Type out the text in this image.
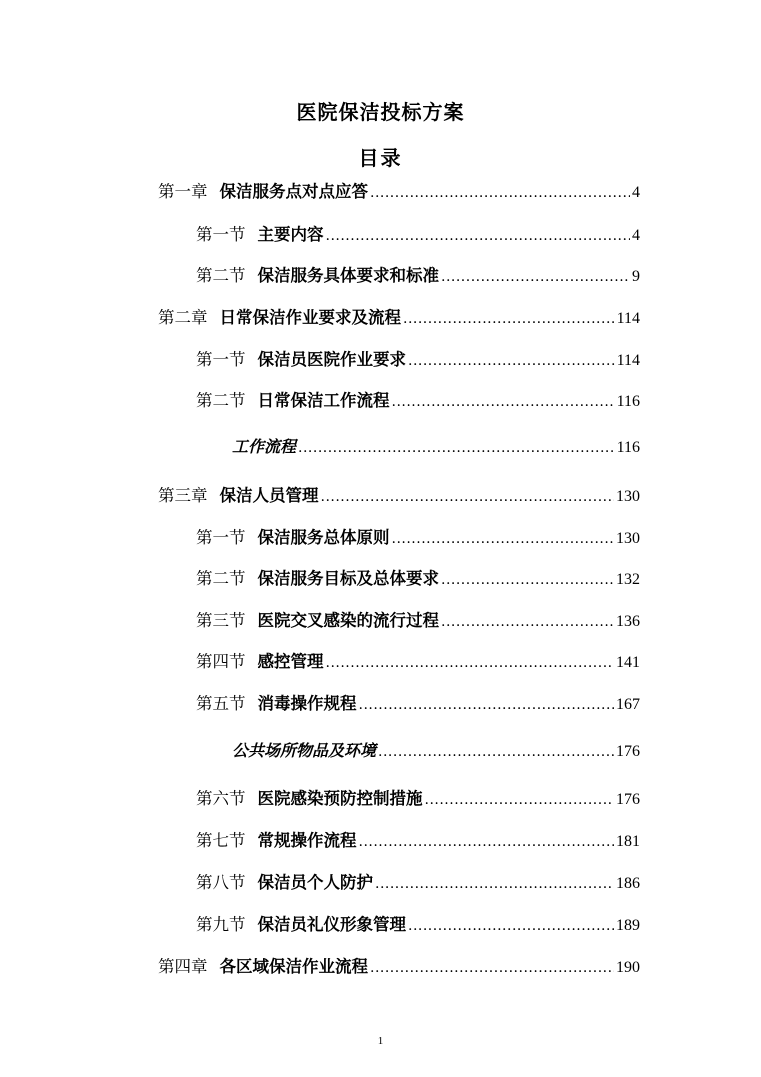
医院保洁投标方案
目录
第一章 保洁服务点对点应答 .....	4
第一节 主要内容 .....	4
第二节 保洁服务具体要求和标准 .....	9
第二章 日常保洁作业要求及流程 .....	114
第一节 保洁员医院作业要求 .....	114
第二节 日常保洁工作流程 .....	116
工作流程 .....	116
第三章 保洁人员管理 .....	130
第一节 保洁服务总体原则 .....	130
第二节 保洁服务目标及总体要求 .....	132
第三节 医院交叉感染的流行过程 .....	136
第四节 感控管理 .....	141
第五节 消毒操作规程 .....	167
公共场所物品及环境 .....	176
第六节 医院感染预防控制措施 .....	176
第七节 常规操作流程 .....	181
第八节 保洁员个人防护 .....	186
第九节 保洁员礼仪形象管理 .....	189
第四章 各区域保洁作业流程 .....	190
1
